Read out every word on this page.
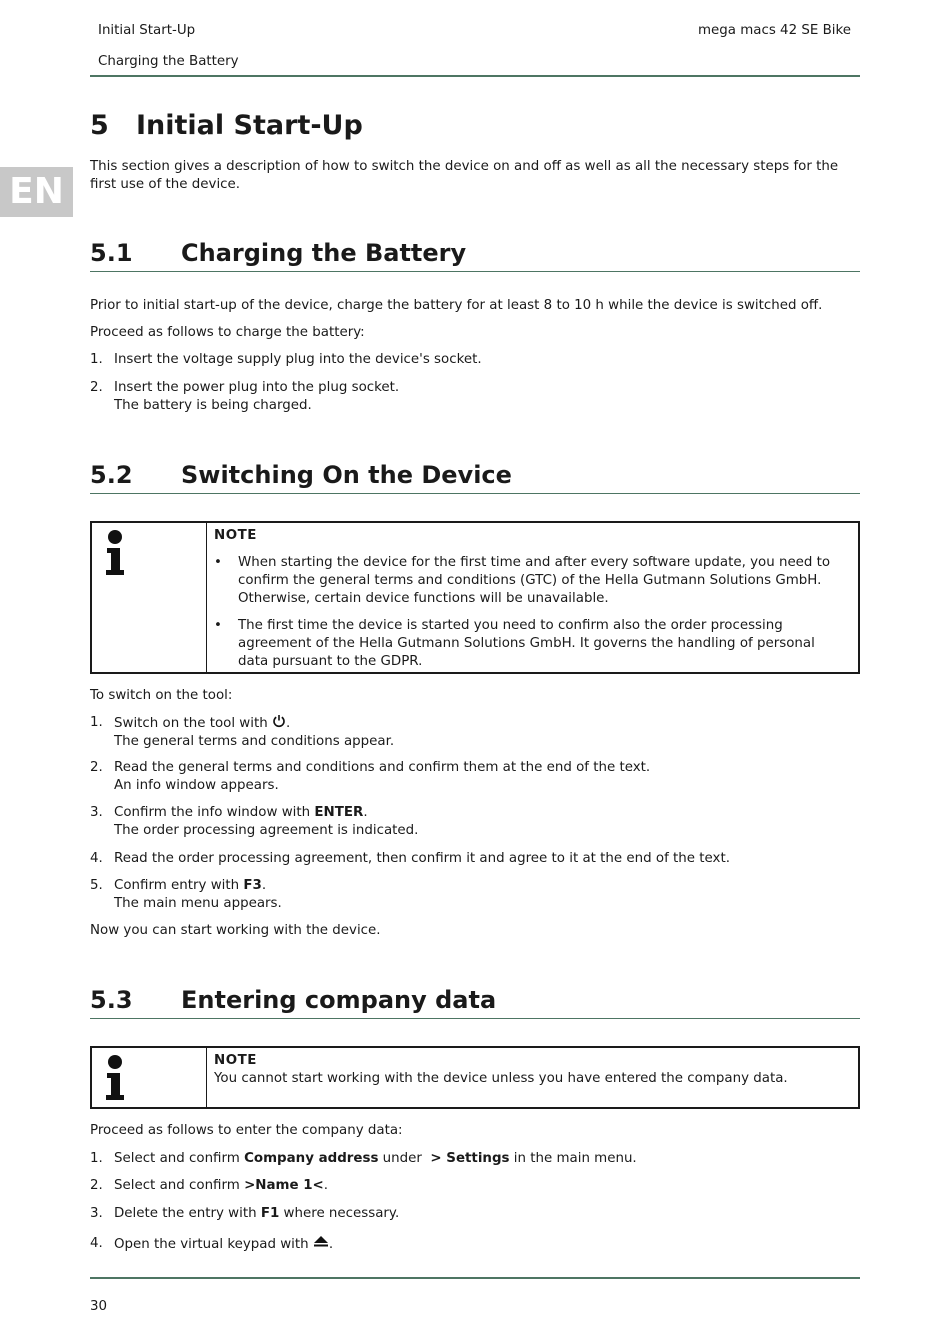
Initial Start-Up
Charging the Battery
mega macs 42 SE Bike
EN
5 Initial Start-Up

This section gives a description of how to switch the device on and off as well as all the necessary steps for the first use of the device.

5.1 Charging the Battery

Prior to initial start-up of the device, charge the battery for at least 8 to 10 h while the device is switched off.

Proceed as follows to charge the battery:

1. Insert the voltage supply plug into the device's socket.
2. Insert the power plug into the plug socket.
The battery is being charged.
5.2 Switching On the Device
NOTE
• When starting the device for the first time and after every software update, you need to confirm the general terms and conditions (GTC) of the Hella Gutmann Solutions GmbH. Otherwise, certain device functions will be unavailable.
• The first time the device is started you need to confirm also the order processing agreement of the Hella Gutmann Solutions GmbH. It governs the handling of personal data pursuant to the GDPR.

To switch on the tool:

1. Switch on the tool with .
The general terms and conditions appear.
2. Read the general terms and conditions and confirm them at the end of the text.
An info window appears.
3. Confirm the info window with ENTER.
The order processing agreement is indicated.
4. Read the order processing agreement, then confirm it and agree to it at the end of the text.
5. Confirm entry with F3.
The main menu appears.

Now you can start working with the device.

5.3 Entering company data
NOTE
You cannot start working with the device unless you have entered the company data.

Proceed as follows to enter the company data:

1. Select and confirm Company address under  > Settings in the main menu.
2. Select and confirm >Name 1<.
3. Delete the entry with F1 where necessary.
4. Open the virtual keypad with .
30
